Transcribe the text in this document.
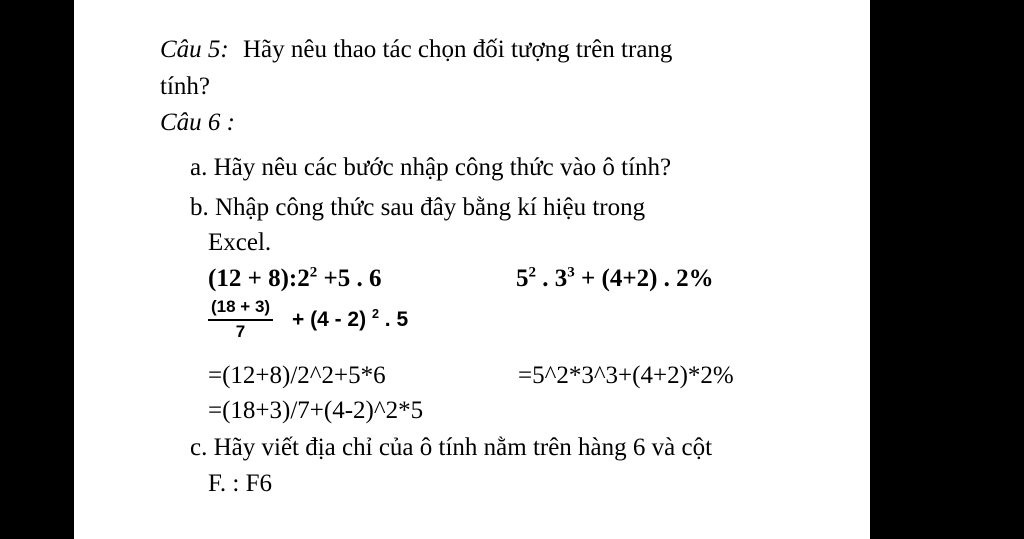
Câu 5: Hãy nêu thao tác chọn đối tượng trên trang
tính?
Câu 6 :
a. Hãy nêu các bước nhập công thức vào ô tính?
b. Nhập công thức sau đây bằng kí hiệu trong
Excel.
$(12 + 8):2^2 +5$ . 6	$5^2$ . $3^3 + (4+2)$ . 2%
$\frac{(18 + 3)}{7} + (4 - 2)$ $^2$ . 5
=(12+8)/2^2+5*6	=5^2*3^3+(4+2)*2%
=(18+3)/7+(4-2)^2*5
c. Hãy viết địa chỉ của ô tính nằm trên hàng 6 và cột
F. : F6
